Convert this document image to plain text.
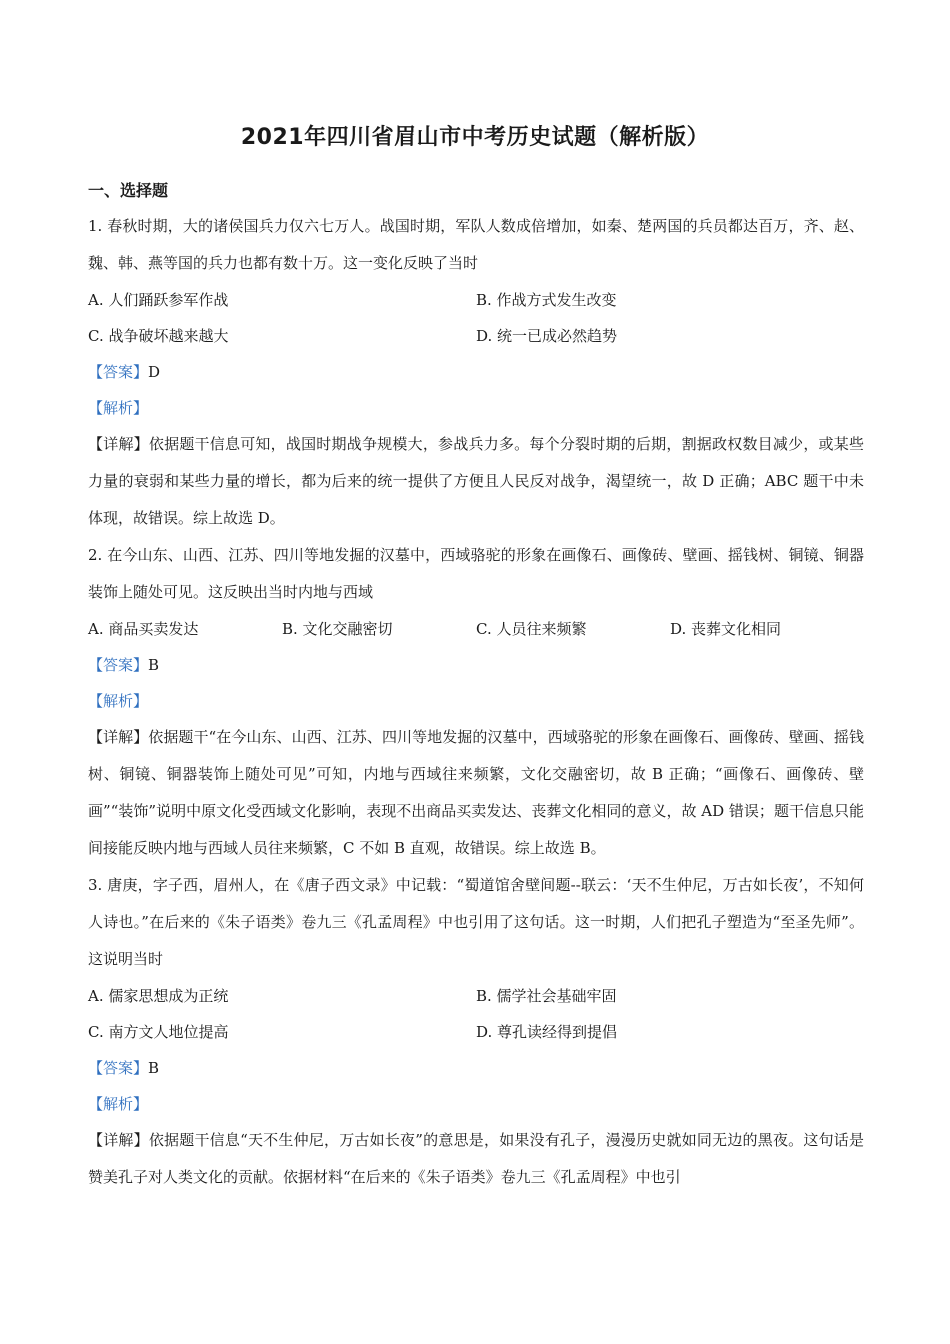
2021年四川省眉山市中考历史试题（解析版）
一、选择题

1. 春秋时期，大的诸侯国兵力仅六七万人。战国时期，军队人数成倍增加，如秦、楚两国的兵员都达百万，齐、赵、魏、韩、燕等国的兵力也都有数十万。这一变化反映了当时

A. 人们踊跃参军作战	B. 作战方式发生改变
C. 战争破坏越来越大	D. 统一已成必然趋势
【答案】D
【解析】

【详解】依据题干信息可知，战国时期战争规模大，参战兵力多。每个分裂时期的后期，割据政权数目减少，或某些力量的衰弱和某些力量的增长，都为后来的统一提供了方便且人民反对战争，渴望统一，故 D 正确；ABC 题干中未体现，故错误。综上故选 D。

2. 在今山东、山西、江苏、四川等地发掘的汉墓中，西域骆驼的形象在画像石、画像砖、壁画、摇钱树、铜镜、铜器装饰上随处可见。这反映出当时内地与西域

A. 商品买卖发达	B. 文化交融密切	C. 人员往来频繁	D. 丧葬文化相同
【答案】B
【解析】

【详解】依据题干“在今山东、山西、江苏、四川等地发掘的汉墓中，西域骆驼的形象在画像石、画像砖、壁画、摇钱树、铜镜、铜器装饰上随处可见”可知，内地与西域往来频繁，文化交融密切，故 B 正确；“画像石、画像砖、壁画”“装饰”说明中原文化受西域文化影响，表现不出商品买卖发达、丧葬文化相同的意义，故 AD 错误；题干信息只能间接能反映内地与西域人员往来频繁，C 不如 B 直观，故错误。综上故选 B。

3. 唐庚，字子西，眉州人，在《唐子西文录》中记载：“蜀道馆舍壁间题--联云：‘天不生仲尼，万古如长夜’，不知何人诗也。”在后来的《朱子语类》卷九三《孔孟周程》中也引用了这句话。这一时期，人们把孔子塑造为“至圣先师”。这说明当时

A. 儒家思想成为正统	B. 儒学社会基础牢固
C. 南方文人地位提高	D. 尊孔读经得到提倡
【答案】B
【解析】

【详解】依据题干信息“天不生仲尼，万古如长夜”的意思是，如果没有孔子，漫漫历史就如同无边的黑夜。这句话是赞美孔子对人类文化的贡献。依据材料“在后来的《朱子语类》卷九三《孔孟周程》中也引
